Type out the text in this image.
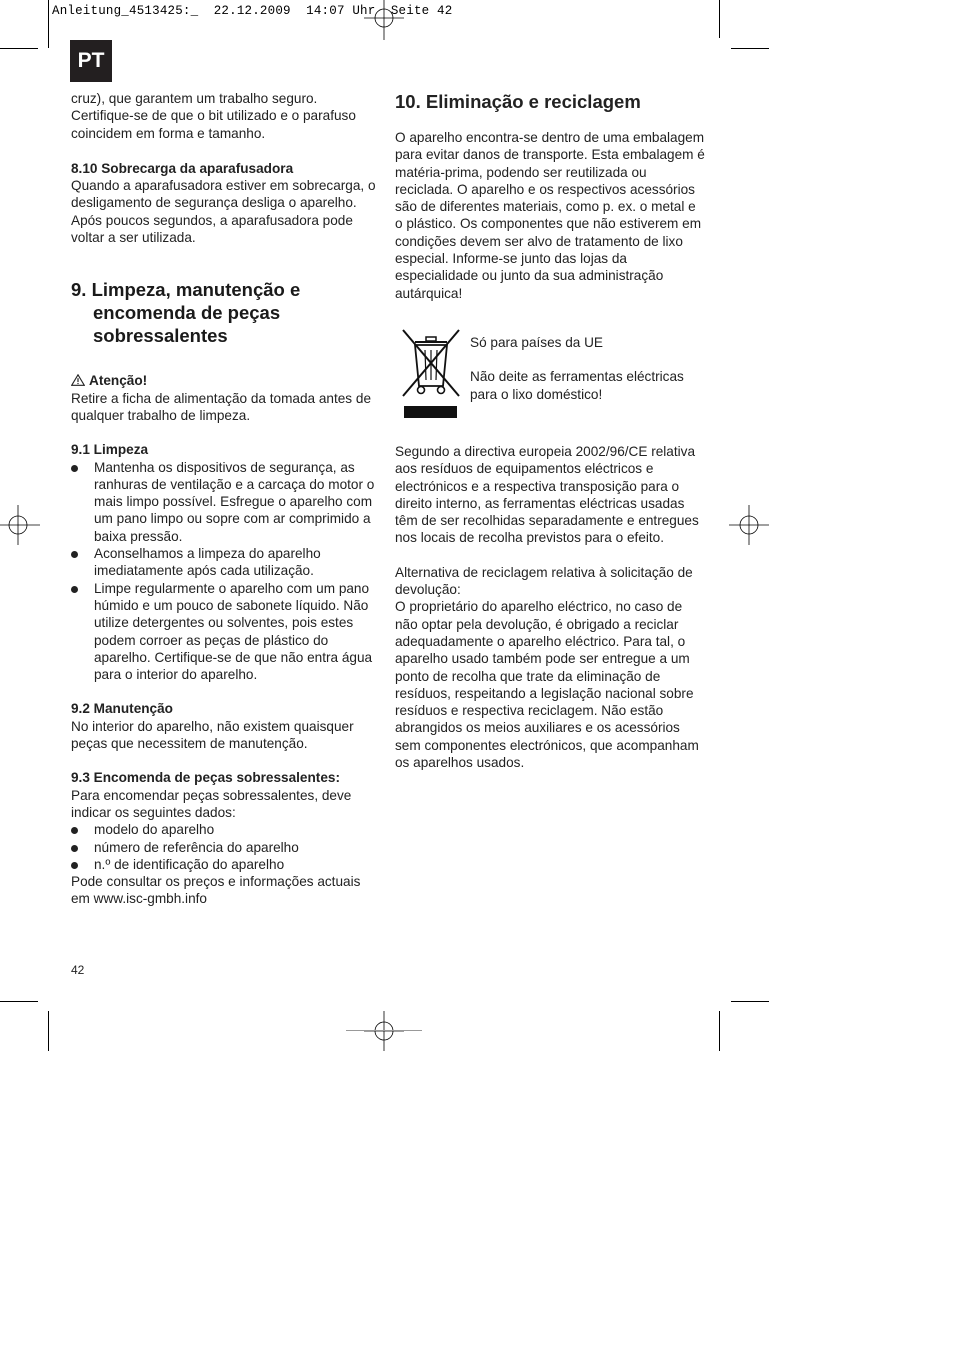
Anleitung_4513425:_  22.12.2009  14:07 Uhr  Seite 42
PT

cruz), que garantem um trabalho seguro. Certifique-se de que o bit utilizado e o parafuso coincidem em forma e tamanho.

8.10 Sobrecarga da aparafusadora

Quando a aparafusadora estiver em sobrecarga, o desligamento de segurança desliga o aparelho. Após poucos segundos, a aparafusadora pode voltar a ser utilizada.

9. Limpeza, manutenção e encomenda de peças sobressalentes

Atenção!

Retire a ficha de alimentação da tomada antes de qualquer trabalho de limpeza.

9.1 Limpeza

Mantenha os dispositivos de segurança, as ranhuras de ventilação e a carcaça do motor o mais limpo possível. Esfregue o aparelho com um pano limpo ou sopre com ar comprimido a baixa pressão.
Aconselhamos a limpeza do aparelho imediatamente após cada utilização.
Limpe regularmente o aparelho com um pano húmido e um pouco de sabonete líquido. Não utilize detergentes ou solventes, pois estes podem corroer as peças de plástico do aparelho. Certifique-se de que não entra água para o interior do aparelho.

9.2 Manutenção

No interior do aparelho, não existem quaisquer peças que necessitem de manutenção.

9.3 Encomenda de peças sobressalentes:

Para encomendar peças sobressalentes, deve indicar os seguintes dados:

modelo do aparelho
número de referência do aparelho
n.º de identificação do aparelho

Pode consultar os preços e informações actuais em www.isc-gmbh.info

10. Eliminação e reciclagem

O aparelho encontra-se dentro de uma embalagem para evitar danos de transporte. Esta embalagem é matéria-prima, podendo ser reutilizada ou reciclada. O aparelho e os respectivos acessórios são de diferentes materiais, como p. ex. o metal e o plástico. Os componentes que não estiverem em condições devem ser alvo de tratamento de lixo especial. Informe-se junto das lojas da especialidade ou junto da sua administração autárquica!

Só para países da UE

Não deite as ferramentas eléctricas para o lixo doméstico!

Segundo a directiva europeia 2002/96/CE relativa aos resíduos de equipamentos eléctricos e electrónicos e a respectiva transposição para o direito interno, as ferramentas eléctricas usadas têm de ser recolhidas separadamente e entregues nos locais de recolha previstos para o efeito.

Alternativa de reciclagem relativa à solicitação de devolução:

O proprietário do aparelho eléctrico, no caso de não optar pela devolução, é obrigado a reciclar adequadamente o aparelho eléctrico. Para tal, o aparelho usado também pode ser entregue a um ponto de recolha que trate da eliminação de resíduos, respeitando a legislação nacional sobre resíduos e respectiva reciclagem. Não estão abrangidos os meios auxiliares e os acessórios sem componentes electrónicos, que acompanham os aparelhos usados.

42
